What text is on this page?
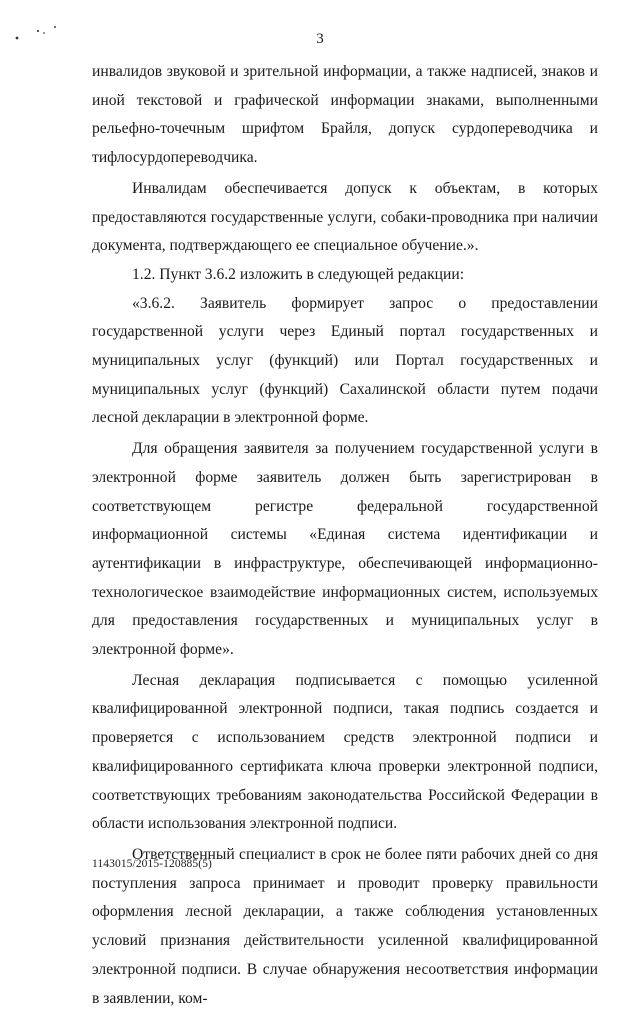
3

инвалидов звуковой и зрительной информации, а также надписей, знаков и иной текстовой и графической информации знаками, выполненными рельефно-точечным шрифтом Брайля, допуск сурдопереводчика и тифлосурдопереводчика.

Инвалидам обеспечивается допуск к объектам, в которых предоставляются государственные услуги, собаки-проводника при наличии документа, подтверждающего ее специальное обучение.».

1.2. Пункт 3.6.2 изложить в следующей редакции:

«3.6.2. Заявитель формирует запрос о предоставлении государственной услуги через Единый портал государственных и муниципальных услуг (функций) или Портал государственных и муниципальных услуг (функций) Сахалинской области путем подачи лесной декларации в электронной форме.

Для обращения заявителя за получением государственной услуги в электронной форме заявитель должен быть зарегистрирован в соответствующем регистре федеральной государственной информационной системы «Единая система идентификации и аутентификации в инфраструктуре, обеспечивающей информационно-технологическое взаимодействие информационных систем, используемых для предоставления государственных и муниципальных услуг в электронной форме».

Лесная декларация подписывается с помощью усиленной квалифицированной электронной подписи, такая подпись создается и проверяется с использованием средств электронной подписи и квалифицированного сертификата ключа проверки электронной подписи, соответствующих требованиям законодательства Российской Федерации в области использования электронной подписи.

Ответственный специалист в срок не более пяти рабочих дней со дня поступления запроса принимает и проводит проверку правильности оформления лесной декларации, а также соблюдения установленных условий признания действительности усиленной квалифицированной электронной подписи. В случае обнаружения несоответствия информации в заявлении, ком-

1143015/2015-120885(5)
